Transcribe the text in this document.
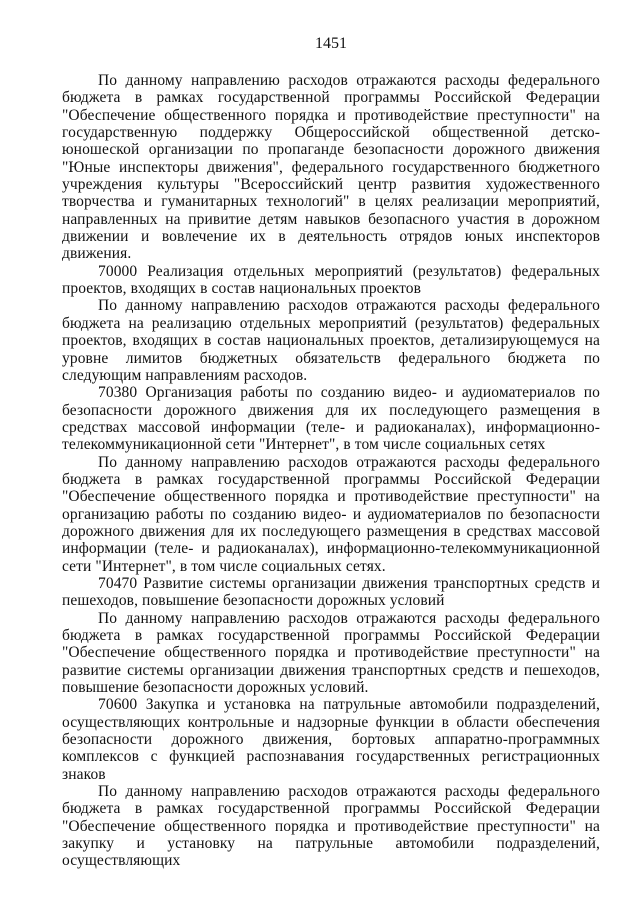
1451

По данному направлению расходов отражаются расходы федерального бюджета в рамках государственной программы Российской Федерации "Обеспечение общественного порядка и противодействие преступности" на государственную поддержку Общероссийской общественной детско-юношеской организации по пропаганде безопасности дорожного движения "Юные инспекторы движения", федерального государственного бюджетного учреждения культуры "Всероссийский центр развития художественного творчества и гуманитарных технологий" в целях реализации мероприятий, направленных на привитие детям навыков безопасного участия в дорожном движении и вовлечение их в деятельность отрядов юных инспекторов движения.

70000 Реализация отдельных мероприятий (результатов) федеральных проектов, входящих в состав национальных проектов

По данному направлению расходов отражаются расходы федерального бюджета на реализацию отдельных мероприятий (результатов) федеральных проектов, входящих в состав национальных проектов, детализирующемуся на уровне лимитов бюджетных обязательств федерального бюджета по следующим направлениям расходов.

70380 Организация работы по созданию видео- и аудиоматериалов по безопасности дорожного движения для их последующего размещения в средствах массовой информации (теле- и радиоканалах), информационно-телекоммуникационной сети "Интернет", в том числе социальных сетях

По данному направлению расходов отражаются расходы федерального бюджета в рамках государственной программы Российской Федерации "Обеспечение общественного порядка и противодействие преступности" на организацию работы по созданию видео- и аудиоматериалов по безопасности дорожного движения для их последующего размещения в средствах массовой информации (теле- и радиоканалах), информационно-телекоммуникационной сети "Интернет", в том числе социальных сетях.

70470 Развитие системы организации движения транспортных средств и пешеходов, повышение безопасности дорожных условий

По данному направлению расходов отражаются расходы федерального бюджета в рамках государственной программы Российской Федерации "Обеспечение общественного порядка и противодействие преступности" на развитие системы организации движения транспортных средств и пешеходов, повышение безопасности дорожных условий.

70600 Закупка и установка на патрульные автомобили подразделений, осуществляющих контрольные и надзорные функции в области обеспечения безопасности дорожного движения, бортовых аппаратно-программных комплексов с функцией распознавания государственных регистрационных знаков

По данному направлению расходов отражаются расходы федерального бюджета в рамках государственной программы Российской Федерации "Обеспечение общественного порядка и противодействие преступности" на закупку и установку на патрульные автомобили подразделений, осуществляющих
